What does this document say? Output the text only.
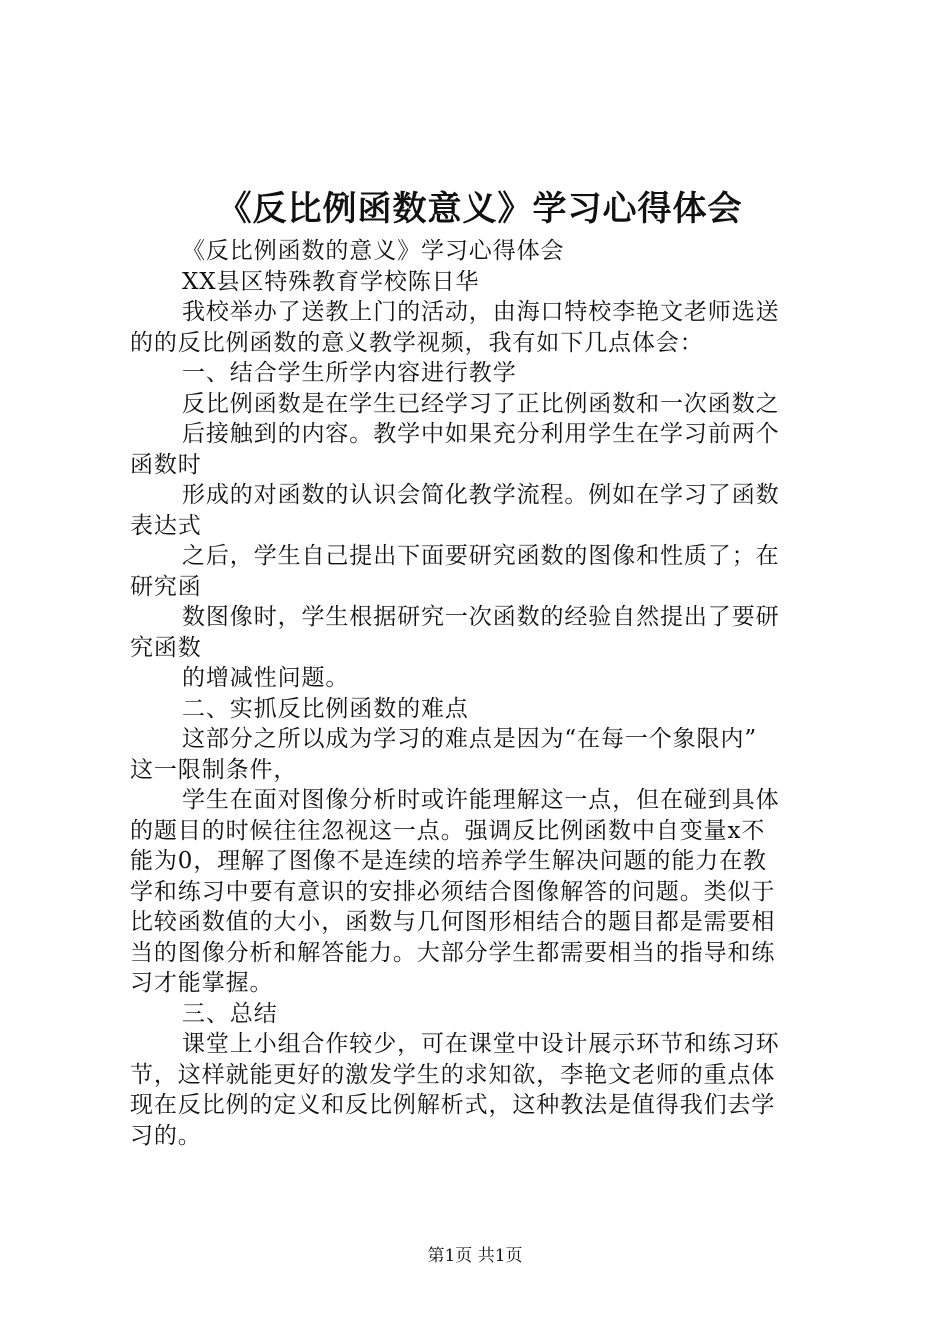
《反比例函数意义》学习心得体会
《反比例函数的意义》学习心得体会
XX县区特殊教育学校陈日华
我校举办了送教上门的活动，由海口特校李艳文老师选送
的的反比例函数的意义教学视频，我有如下几点体会：
一、结合学生所学内容进行教学
反比例函数是在学生已经学习了正比例函数和一次函数之
后接触到的内容。教学中如果充分利用学生在学习前两个
函数时
形成的对函数的认识会简化教学流程。例如在学习了函数
表达式
之后，学生自己提出下面要研究函数的图像和性质了；在
研究函
数图像时，学生根据研究一次函数的经验自然提出了要研
究函数
的增减性问题。
二、实抓反比例函数的难点
这部分之所以成为学习的难点是因为“在每一个象限内”
这一限制条件，
学生在面对图像分析时或许能理解这一点，但在碰到具体
的题目的时候往往忽视这一点。强调反比例函数中自变量x不
能为0，理解了图像不是连续的培养学生解决问题的能力在教
学和练习中要有意识的安排必须结合图像解答的问题。类似于
比较函数值的大小，函数与几何图形相结合的题目都是需要相
当的图像分析和解答能力。大部分学生都需要相当的指导和练
习才能掌握。
三、总结
课堂上小组合作较少，可在课堂中设计展示环节和练习环
节，这样就能更好的激发学生的求知欲，李艳文老师的重点体
现在反比例的定义和反比例解析式，这种教法是值得我们去学
习的。
第1页 共1页
